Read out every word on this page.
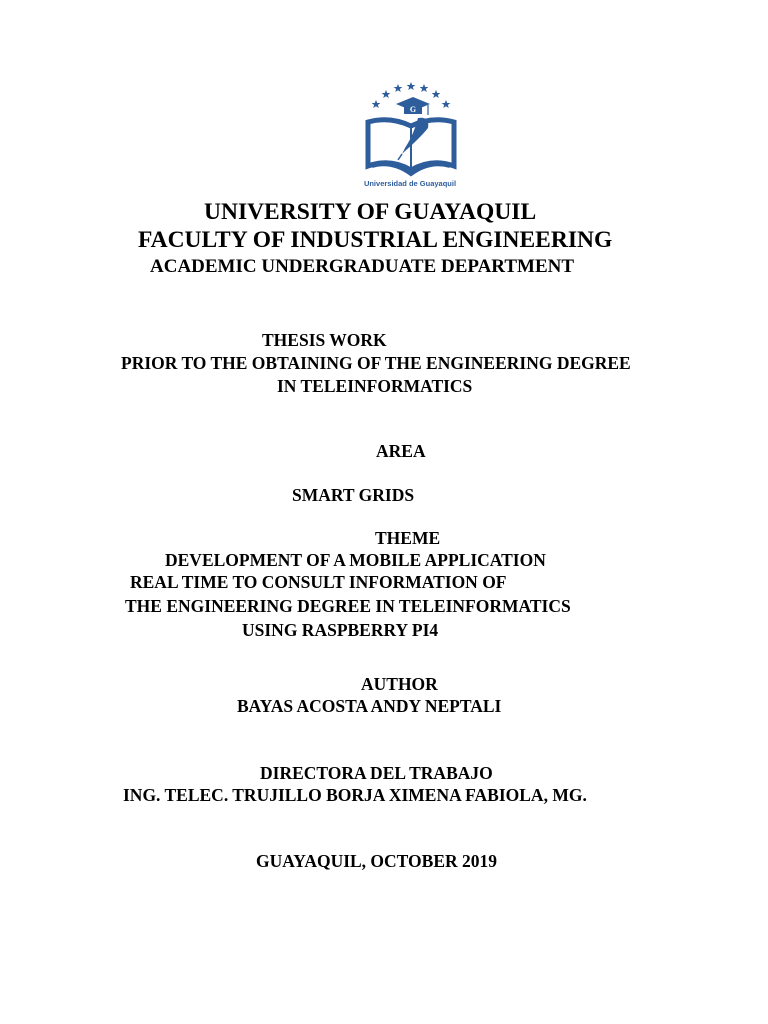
G
Universidad de Guayaquil
UNIVERSITY OF GUAYAQUIL
FACULTY OF INDUSTRIAL ENGINEERING
ACADEMIC UNDERGRADUATE DEPARTMENT
THESIS WORK
PRIOR TO THE OBTAINING OF THE ENGINEERING DEGREE
IN TELEINFORMATICS
AREA
SMART GRIDS
THEME
DEVELOPMENT OF A MOBILE APPLICATION
REAL TIME TO CONSULT INFORMATION OF
THE ENGINEERING DEGREE IN TELEINFORMATICS
USING RASPBERRY PI4
AUTHOR
BAYAS ACOSTA ANDY NEPTALI
DIRECTORA DEL TRABAJO
ING. TELEC. TRUJILLO BORJA XIMENA FABIOLA, MG.
GUAYAQUIL, OCTOBER 2019
